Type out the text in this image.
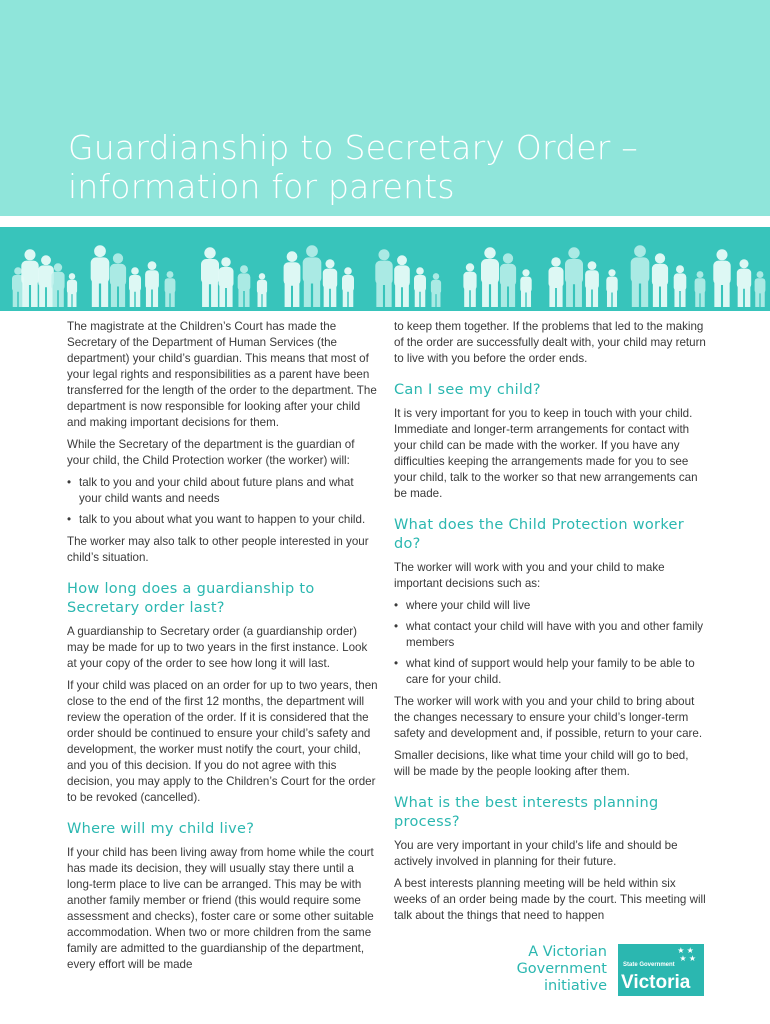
Guardianship to Secretary Order –
information for parents

The magistrate at the Children’s Court has made the Secretary of the Department of Human Services (the department) your child’s guardian. This means that most of your legal rights and responsibilities as a parent have been transferred for the length of the order to the department. The department is now responsible for looking after your child and making important decisions for them.

While the Secretary of the department is the guardian of your child, the Child Protection worker (the worker) will:

• talk to you and your child about future plans and what your child wants and needs
• talk to you about what you want to happen to your child.

The worker may also talk to other people interested in your child’s situation.

How long does a guardianship to Secretary order last?

A guardianship to Secretary order (a guardianship order) may be made for up to two years in the first instance. Look at your copy of the order to see how long it will last.

If your child was placed on an order for up to two years, then close to the end of the first 12 months, the department will review the operation of the order. If it is considered that the order should be continued to ensure your child’s safety and development, the worker must notify the court, your child, and you of this decision. If you do not agree with this decision, you may apply to the Children’s Court for the order to be revoked (cancelled).

Where will my child live?

If your child has been living away from home while the court has made its decision, they will usually stay there until a long-term place to live can be arranged. This may be with another family member or friend (this would require some assessment and checks), foster care or some other suitable accommodation. When two or more children from the same family are admitted to the guardianship of the department, every effort will be made

to keep them together. If the problems that led to the making of the order are successfully dealt with, your child may return to live with you before the order ends.

Can I see my child?

It is very important for you to keep in touch with your child. Immediate and longer-term arrangements for contact with your child can be made with the worker. If you have any difficulties keeping the arrangements made for you to see your child, talk to the worker so that new arrangements can be made.

What does the Child Protection worker do?

The worker will work with you and your child to make important decisions such as:

• where your child will live
• what contact your child will have with you and other family members
• what kind of support would help your family to be able to care for your child.

The worker will work with you and your child to bring about the changes necessary to ensure your child’s longer-term safety and development and, if possible, return to your care.

Smaller decisions, like what time your child will go to bed, will be made by the people looking after them.

What is the best interests planning process?

You are very important in your child’s life and should be actively involved in planning for their future.

A best interests planning meeting will be held within six weeks of an order being made by the court. This meeting will talk about the things that need to happen

A Victorian
Government
initiative
★ ★
★ ★
State Government
Victoria
